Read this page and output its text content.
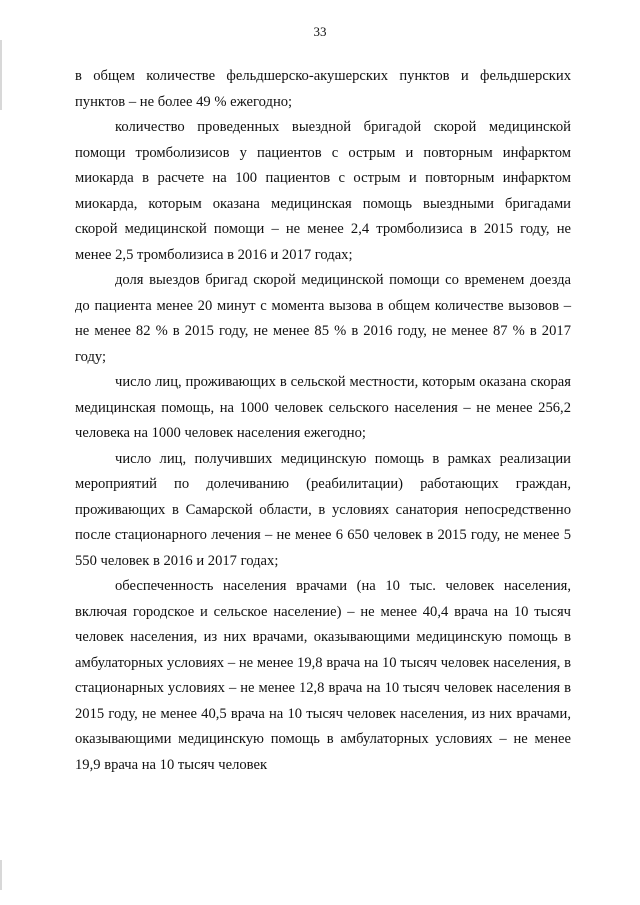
33

в общем количестве фельдшерско-акушерских пунктов и фельдшерских пунктов – не более 49 % ежегодно;

количество проведенных выездной бригадой скорой медицинской помощи тромболизисов у пациентов с острым и повторным инфарктом миокарда в расчете на 100 пациентов с острым и повторным инфарктом миокарда, которым оказана медицинская помощь выездными бригадами скорой медицинской помощи – не менее 2,4 тромболизиса в 2015 году, не менее 2,5 тромболизиса в 2016 и 2017 годах;

доля выездов бригад скорой медицинской помощи со временем доезда до пациента менее 20 минут с момента вызова в общем количестве вызовов – не менее 82 % в 2015 году, не менее 85 % в 2016 году, не менее 87 % в 2017 году;

число лиц, проживающих в сельской местности, которым оказана скорая медицинская помощь, на 1000 человек сельского населения – не менее 256,2 человека на 1000 человек населения ежегодно;

число лиц, получивших медицинскую помощь в рамках реализации мероприятий по долечиванию (реабилитации) работающих граждан, проживающих в Самарской области, в условиях санатория непосредственно после стационарного лечения – не менее 6 650 человек в 2015 году, не менее 5 550 человек в 2016 и 2017 годах;

обеспеченность населения врачами (на 10 тыс. человек населения, включая городское и сельское население) – не менее 40,4 врача на 10 тысяч человек населения, из них врачами, оказывающими медицинскую помощь в амбулаторных условиях – не менее 19,8 врача на 10 тысяч человек населения, в стационарных условиях – не менее 12,8 врача на 10 тысяч человек населения в 2015 году, не менее 40,5 врача на 10 тысяч человек населения, из них врачами, оказывающими медицинскую помощь в амбулаторных условиях – не менее 19,9 врача на 10 тысяч человек
